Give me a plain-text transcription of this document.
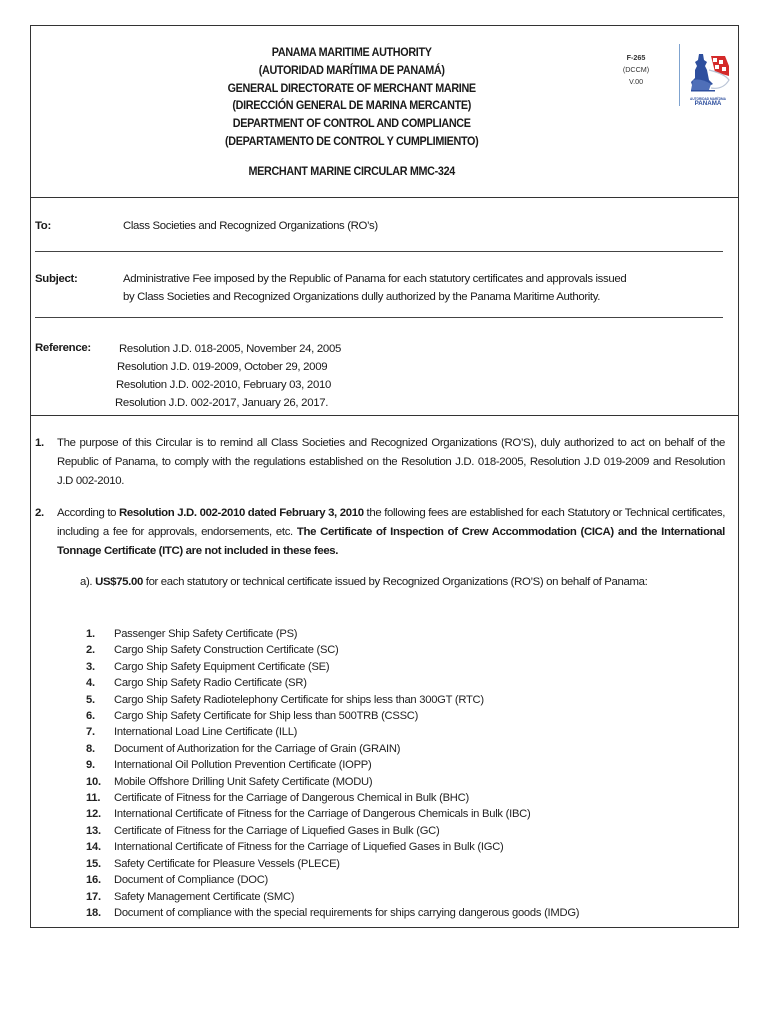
PANAMA MARITIME AUTHORITY
(AUTORIDAD MARÍTIMA DE PANAMÁ)
GENERAL DIRECTORATE OF MERCHANT MARINE
(DIRECCIÓN GENERAL DE MARINA MERCANTE)
DEPARTMENT OF CONTROL AND COMPLIANCE
(DEPARTAMENTO DE CONTROL Y CUMPLIMIENTO)
MERCHANT MARINE CIRCULAR MMC-324
F-265
(DCCM)
V.00
AUTORIDAD MARÍTIMA
PANAMÁ
To:	Class Societies and Recognized Organizations (RO’s)
Subject:	Administrative Fee imposed by the Republic of Panama for each statutory certificates and approvals issued
by Class Societies and Recognized Organizations dully authorized by the Panama Maritime Authority.
Reference: Resolution J.D. 018-2005, November 24, 2005
Resolution J.D. 019-2009, October 29, 2009
Resolution J.D. 002-2010, February 03, 2010
Resolution J.D. 002-2017, January 26, 2017.
1. The purpose of this Circular is to remind all Class Societies and Recognized Organizations (RO’S), duly authorized to act on behalf of the Republic of Panama, to comply with the regulations established on the Resolution J.D. 018-2005, Resolution J.D 019-2009 and Resolution J.D 002-2010.
2. According to Resolution J.D. 002-2010 dated February 3, 2010 the following fees are established for each Statutory or Technical certificates, including a fee for approvals, endorsements, etc. The Certificate of Inspection of Crew Accommodation (CICA) and the International Tonnage Certificate (ITC) are not included in these fees.
a). US$75.00 for each statutory or technical certificate issued by Recognized Organizations (RO’S) on behalf of Panama:
1. Passenger Ship Safety Certificate (PS)
2. Cargo Ship Safety Construction Certificate (SC)
3. Cargo Ship Safety Equipment Certificate (SE)
4. Cargo Ship Safety Radio Certificate (SR)
5. Cargo Ship Safety Radiotelephony Certificate for ships less than 300GT (RTC)
6. Cargo Ship Safety Certificate for Ship less than 500TRB (CSSC)
7. International Load Line Certificate (ILL)
8. Document of Authorization for the Carriage of Grain (GRAIN)
9. International Oil Pollution Prevention Certificate (IOPP)
10. Mobile Offshore Drilling Unit Safety Certificate (MODU)
11. Certificate of Fitness for the Carriage of Dangerous Chemical in Bulk (BHC)
12. International Certificate of Fitness for the Carriage of Dangerous Chemicals in Bulk (IBC)
13. Certificate of Fitness for the Carriage of Liquefied Gases in Bulk (GC)
14. International Certificate of Fitness for the Carriage of Liquefied Gases in Bulk (IGC)
15. Safety Certificate for Pleasure Vessels (PLECE)
16. Document of Compliance (DOC)
17. Safety Management Certificate (SMC)
18. Document of compliance with the special requirements for ships carrying dangerous goods (IMDG)
